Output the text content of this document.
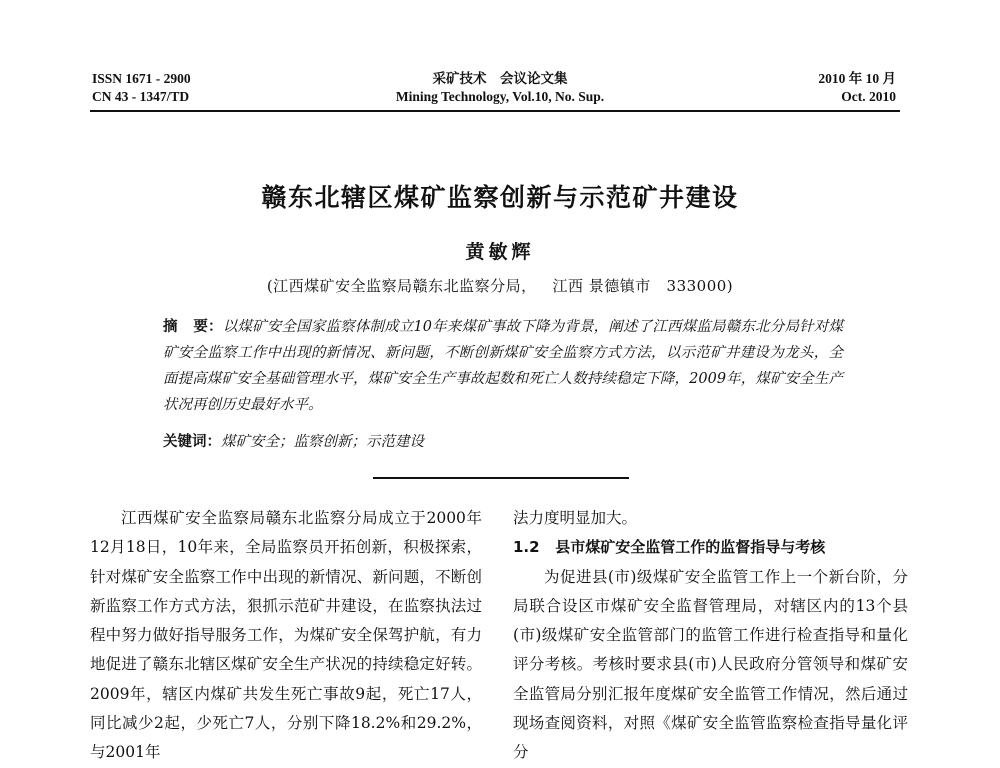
ISSN 1671 - 2900
CN 43 - 1347/TD
采矿技术    会议论文集
Mining Technology, Vol.10, No. Sup.
2010 年 10 月
Oct. 2010
赣东北辖区煤矿监察创新与示范矿井建设
黄敏辉
(江西煤矿安全监察局赣东北监察分局，   江西 景德镇市   333000)
摘   要：以煤矿安全国家监察体制成立10年来煤矿事故下降为背景，阐述了江西煤监局赣东北分局针对煤矿安全监察工作中出现的新情况、新问题，不断创新煤矿安全监察方式方法，以示范矿井建设为龙头，全面提高煤矿安全基础管理水平，煤矿安全生产事故起数和死亡人数持续稳定下降，2009年，煤矿安全生产状况再创历史最好水平。
关键词：煤矿安全；监察创新；示范建设

江西煤矿安全监察局赣东北监察分局成立于2000年12月18日，10年来，全局监察员开拓创新，积极探索，针对煤矿安全监察工作中出现的新情况、新问题，不断创新监察工作方式方法，狠抓示范矿井建设，在监察执法过程中努力做好指导服务工作，为煤矿安全保驾护航，有力地促进了赣东北辖区煤矿安全生产状况的持续稳定好转。2009年，辖区内煤矿共发生死亡事故9起，死亡17人，同比减少2起，少死亡7人，分别下降18.2%和29.2%，与2001年

法力度明显加大。

1.2   县市煤矿安全监管工作的监督指导与考核

为促进县(市)级煤矿安全监管工作上一个新台阶，分局联合设区市煤矿安全监督管理局，对辖区内的13个县(市)级煤矿安全监管部门的监管工作进行检查指导和量化评分考核。考核时要求县(市)人民政府分管领导和煤矿安全监管局分别汇报年度煤矿安全监管工作情况，然后通过现场查阅资料，对照《煤矿安全监管监察检查指导量化评分
